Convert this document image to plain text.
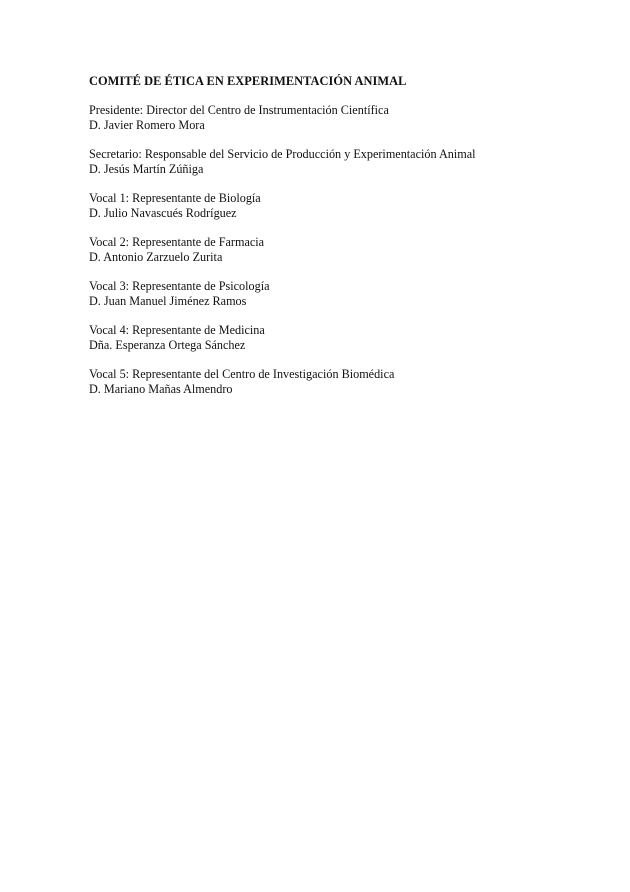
COMITÉ DE ÉTICA EN EXPERIMENTACIÓN ANIMAL
Presidente: Director del Centro de Instrumentación Científica
D. Javier Romero Mora
Secretario: Responsable del Servicio de Producción y Experimentación Animal
D. Jesús Martín Zúñiga
Vocal 1: Representante de Biología
D. Julio Navascués Rodríguez
Vocal 2: Representante de Farmacia
D. Antonio Zarzuelo Zurita
Vocal 3: Representante de Psicología
D. Juan Manuel Jiménez Ramos
Vocal 4: Representante de Medicina
Dña. Esperanza Ortega Sánchez
Vocal 5: Representante del Centro de Investigación Biomédica
D. Mariano Mañas Almendro
